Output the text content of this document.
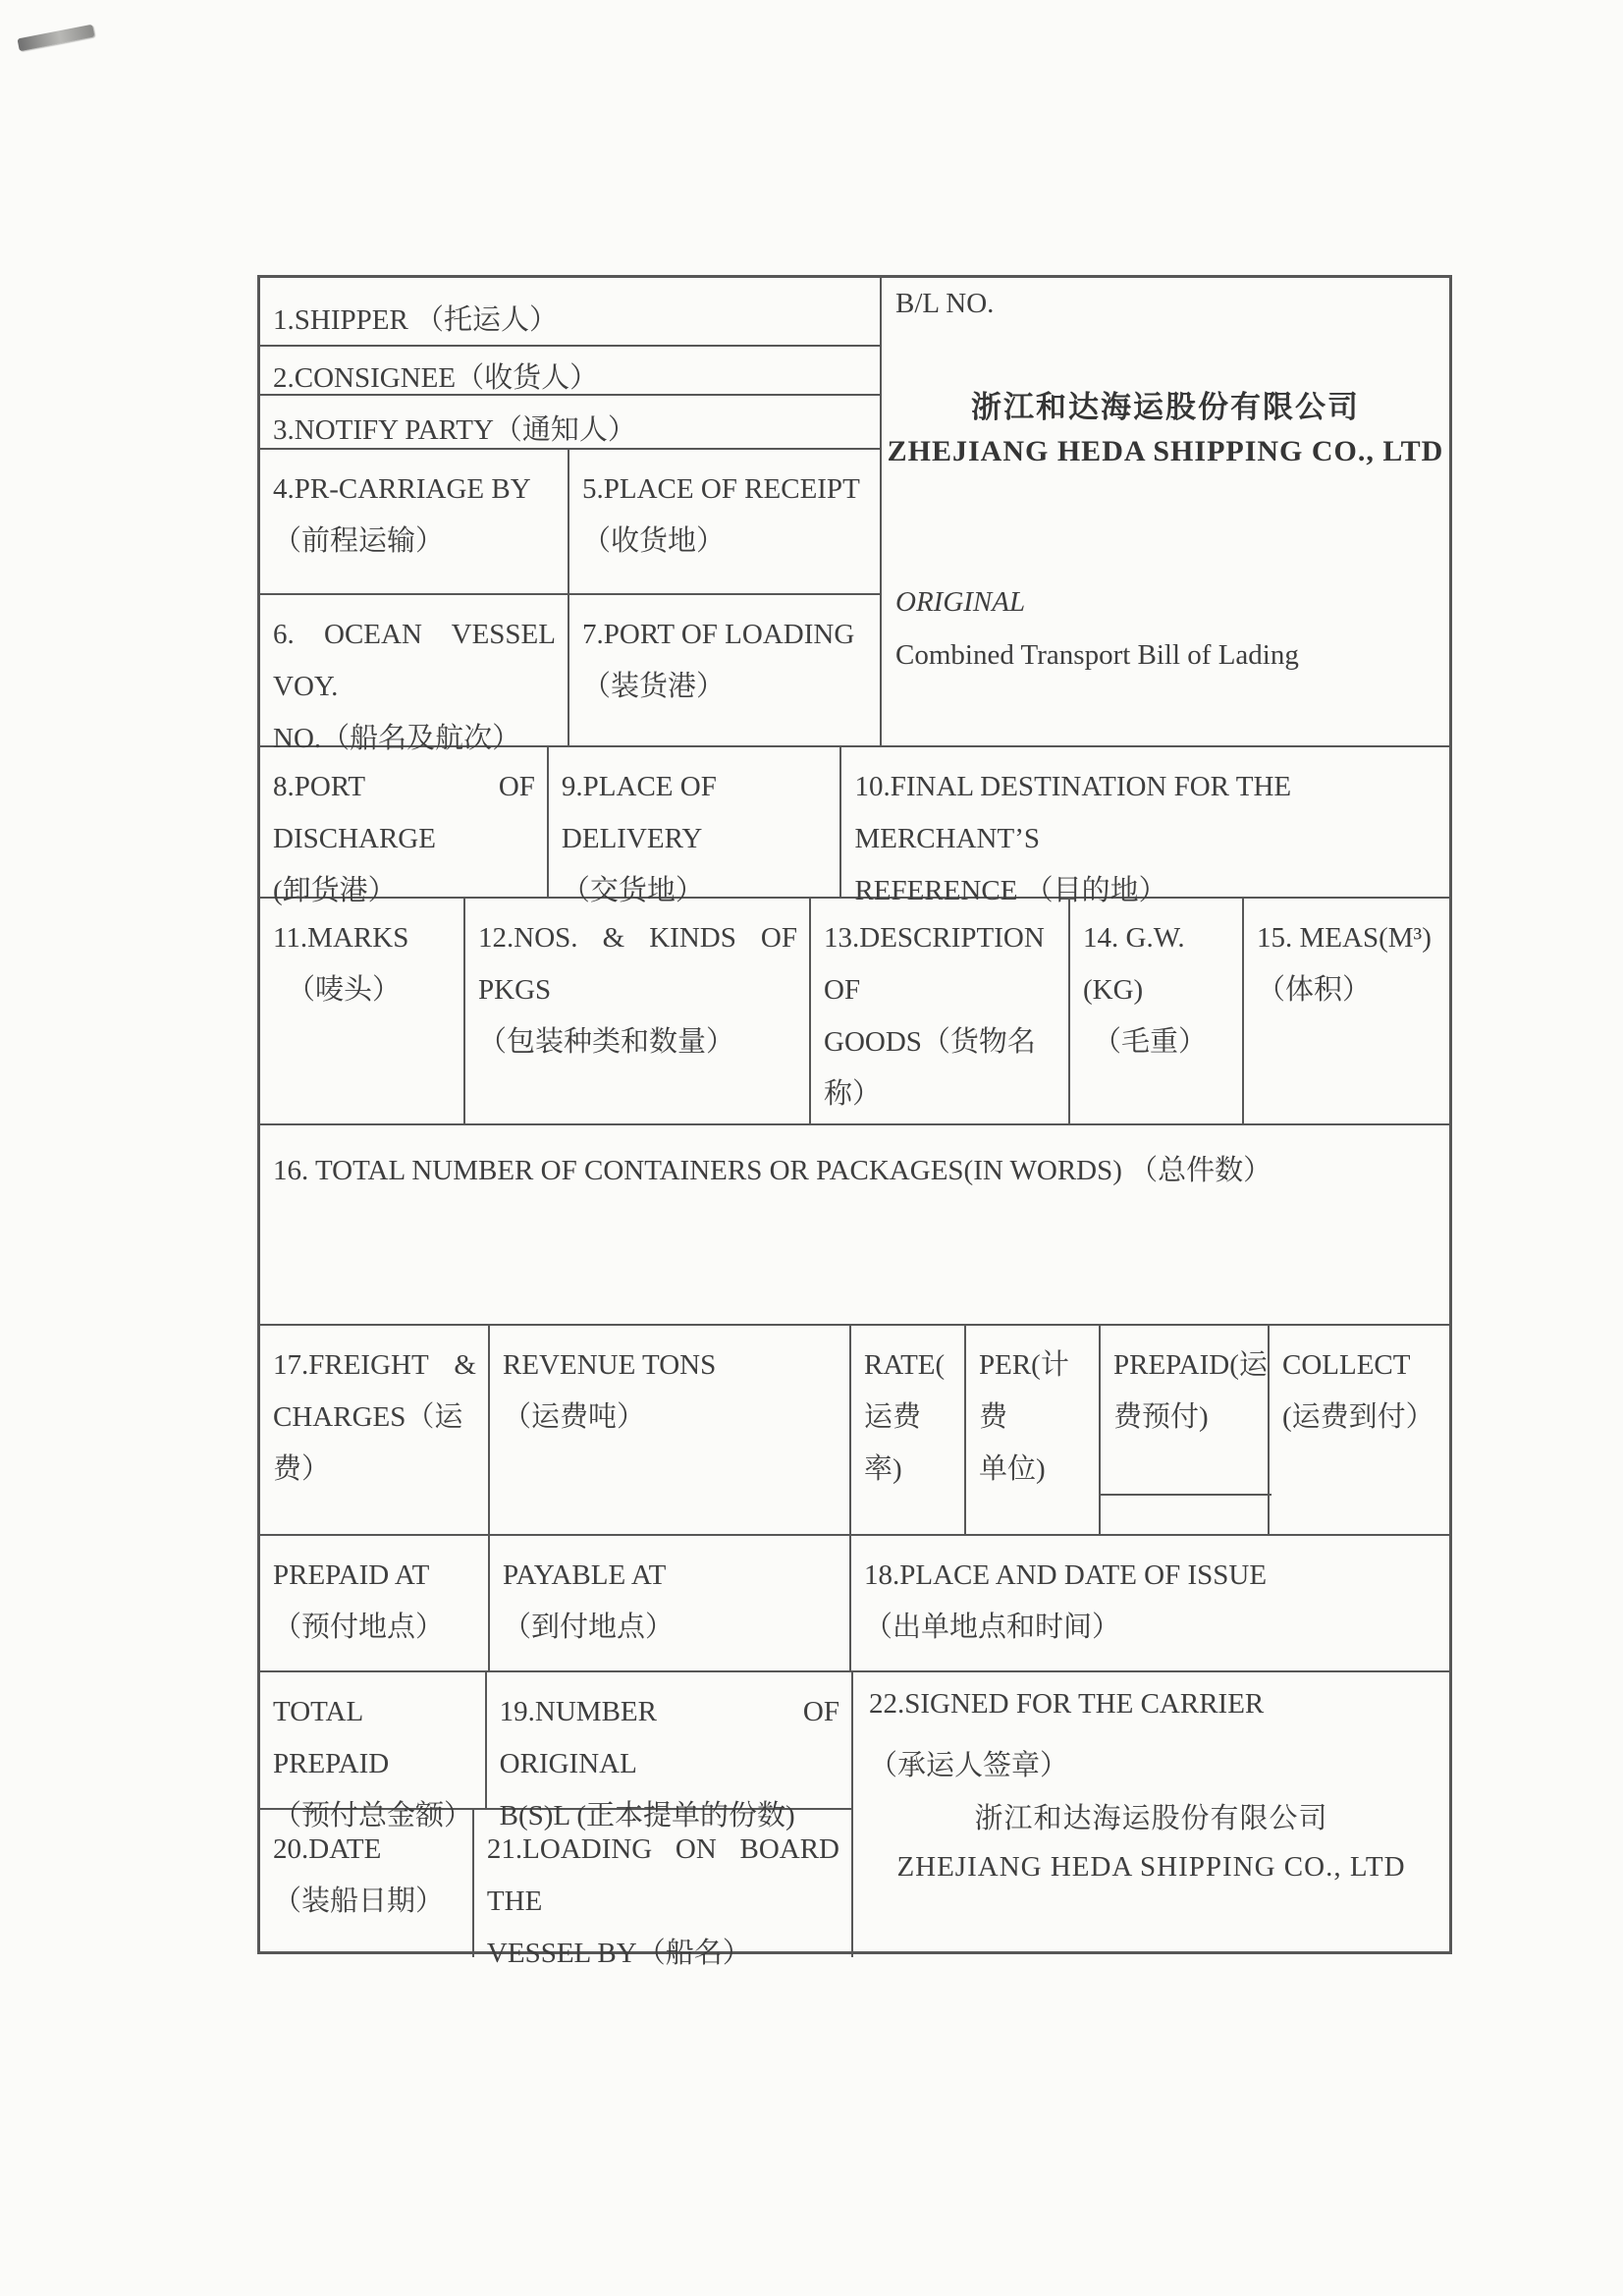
1.SHIPPER （托运人）
2.CONSIGNEE（收货人）
3.NOTIFY PARTY（通知人）
4.PR-CARRIAGE BY
（前程运输）
5.PLACE OF RECEIPT
（收货地）
6. OCEAN VESSEL VOY.
NO.（船名及航次）
7.PORT OF LOADING
（装货港）
B/L NO.
浙江和达海运股份有限公司
ZHEJIANG HEDA SHIPPING CO., LTD
ORIGINAL
Combined Transport Bill of Lading
8.PORT OF DISCHARGE
(卸货港）
9.PLACE OF DELIVERY
（交货地）
10.FINAL DESTINATION FOR THE MERCHANT’S
REFERENCE （目的地）
11.MARKS
（唛头）
12.NOS. & KINDS OF PKGS
（包装种类和数量）
13.DESCRIPTION OF
GOODS（货物名称）
14. G.W.(KG)
（毛重）
15. MEAS(M³)
（体积）
16. TOTAL NUMBER OF CONTAINERS OR PACKAGES(IN WORDS) （总件数）
17.FREIGHT &
CHARGES（运
费）
REVENUE TONS
（运费吨）
RATE(
运费率)
PER(计费
单位)
PREPAID(运
费预付)
COLLECT
(运费到付）
PREPAID AT
（预付地点）
PAYABLE AT
（到付地点）
18.PLACE AND DATE OF ISSUE
（出单地点和时间）
TOTAL PREPAID
（预付总金额）
19.NUMBER OF ORIGINAL
B(S)L (正本提单的份数)
20.DATE
（装船日期）
21.LOADING ON BOARD THE
VESSEL BY（船名）
22.SIGNED FOR THE CARRIER
（承运人签章）
浙江和达海运股份有限公司
ZHEJIANG HEDA SHIPPING CO., LTD
